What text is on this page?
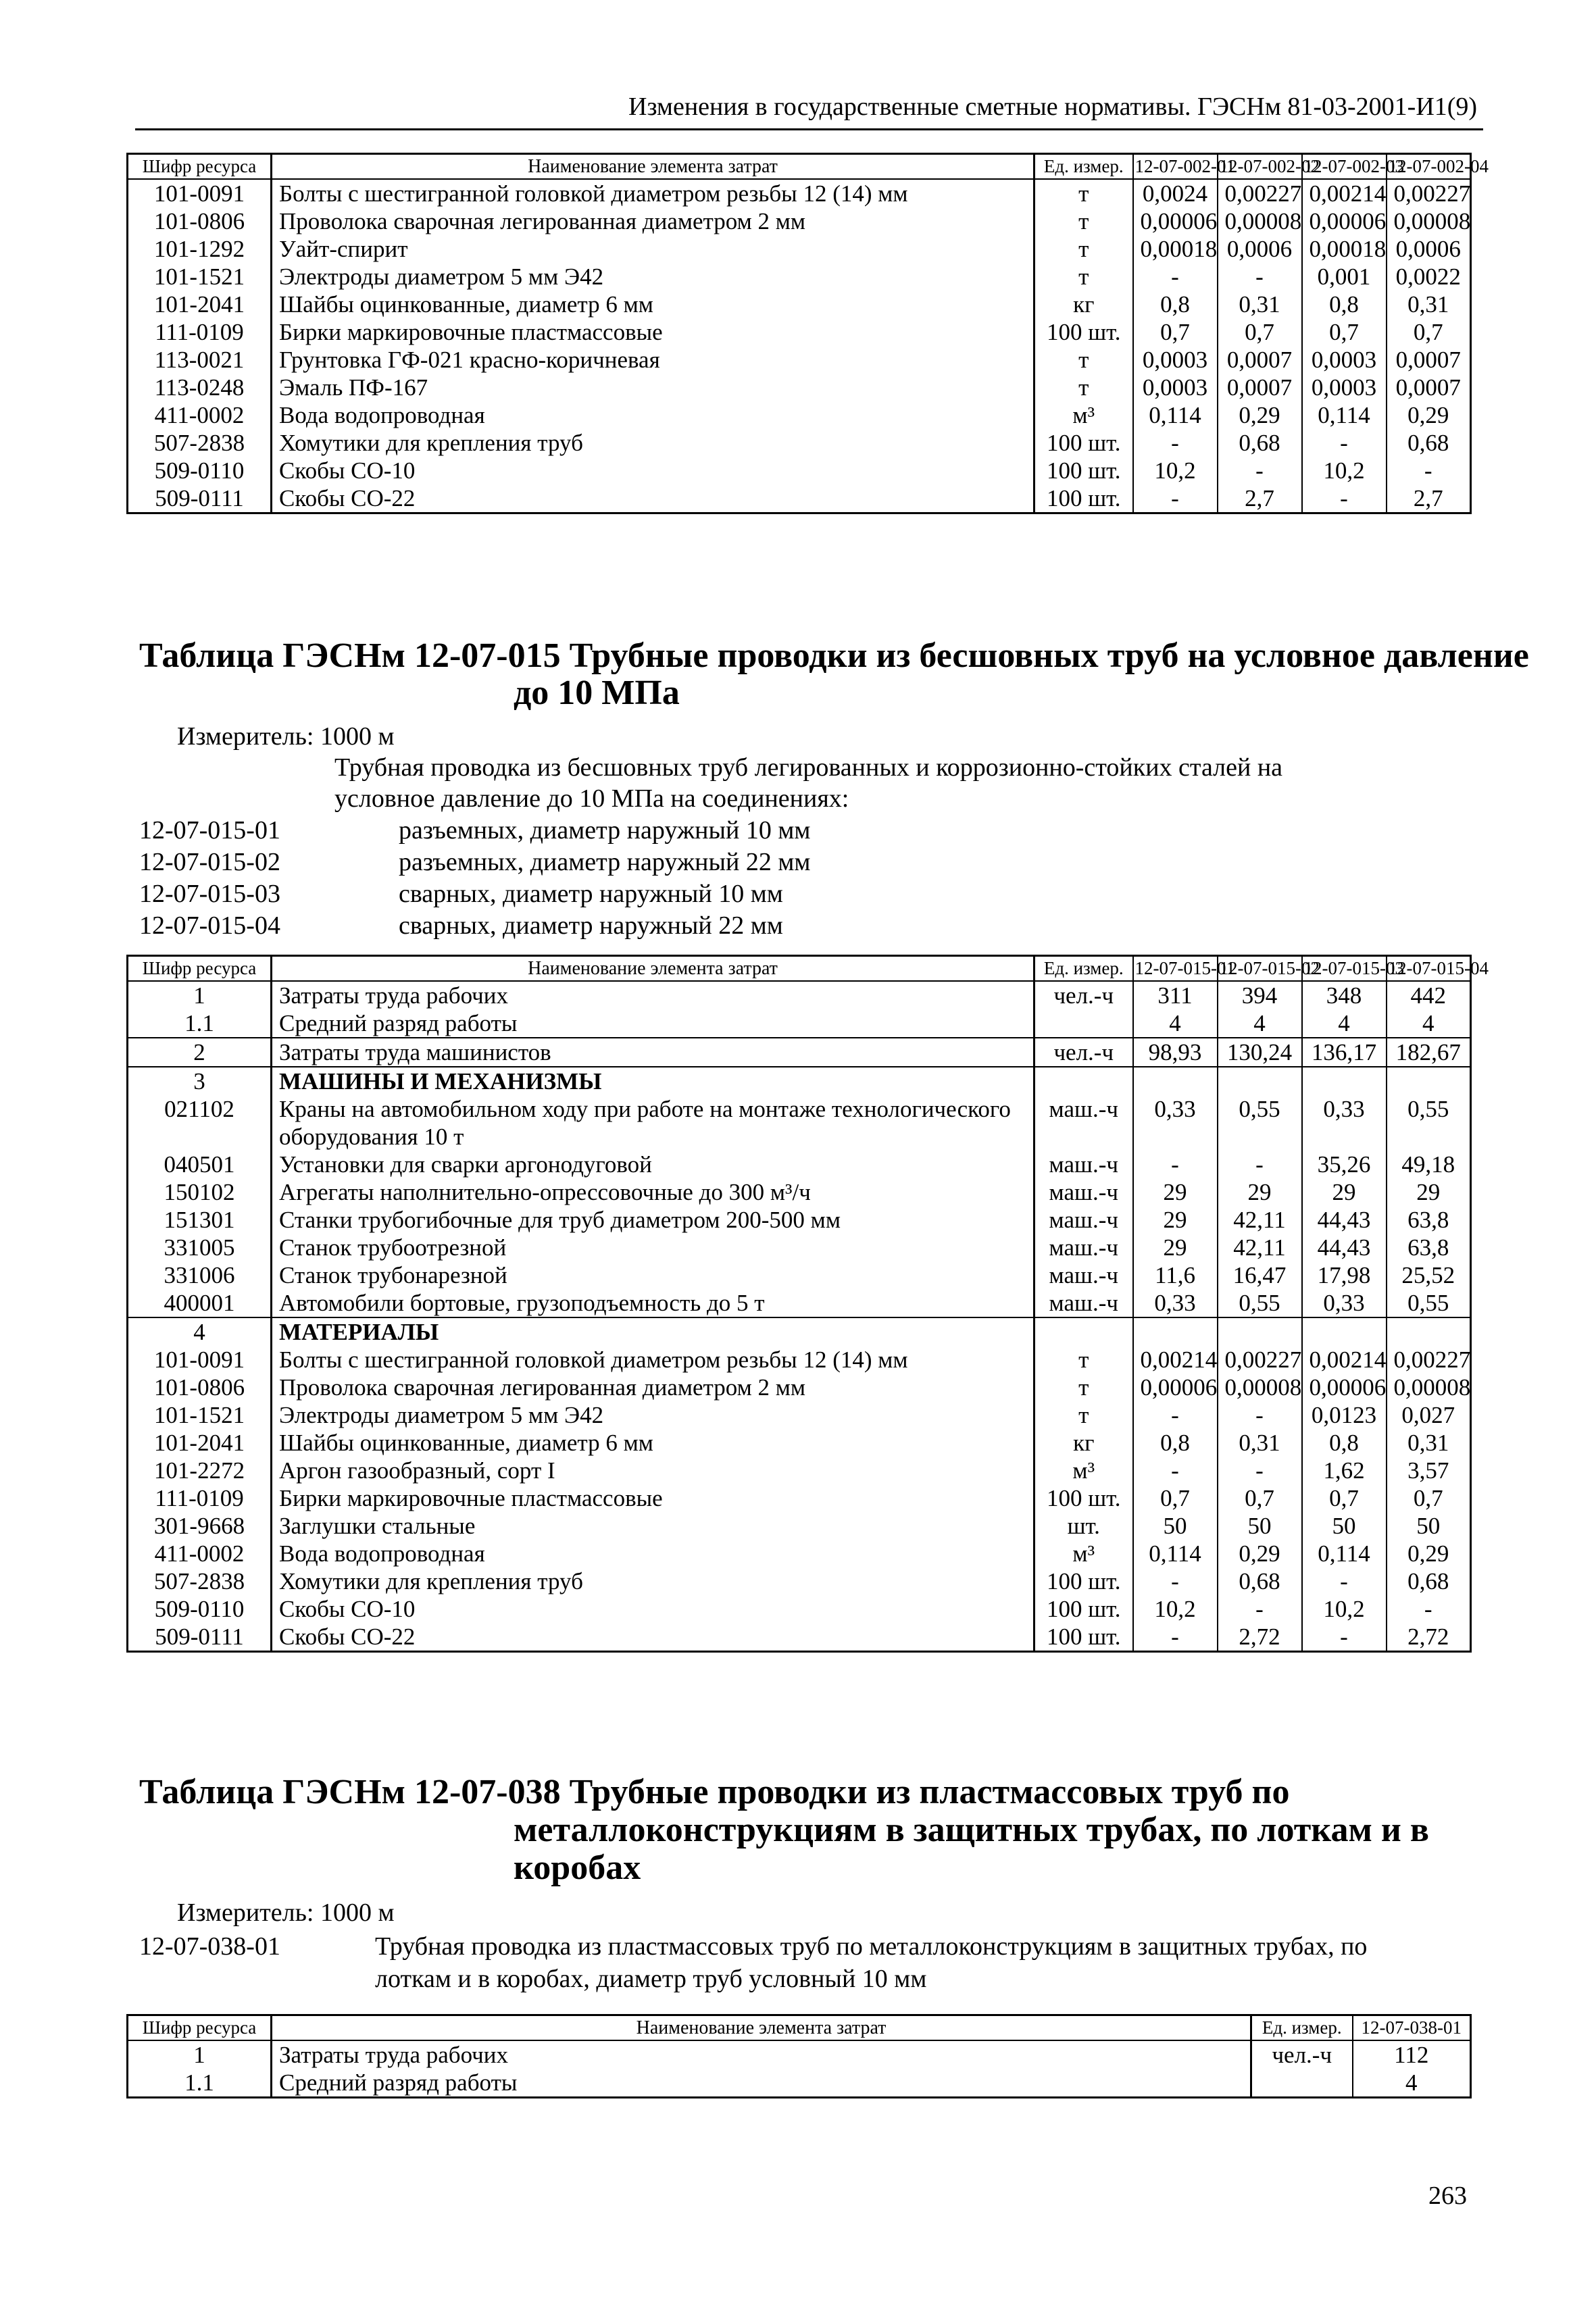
Изменения в государственные сметные нормативы. ГЭСНм 81-03-2001-И1(9)
Шифр ресурса	Наименование элемента затрат	Ед. измер.	12-07-002-01	12-07-002-02	12-07-002-03	12-07-002-04
101-0091	Болты с шестигранной головкой диаметром резьбы 12 (14) мм	т	0,0024	0,00227	0,00214	0,00227
101-0806	Проволока сварочная легированная диаметром 2 мм	т	0,00006	0,00008	0,00006	0,00008
101-1292	Уайт-спирит	т	0,00018	0,0006	0,00018	0,0006
101-1521	Электроды диаметром 5 мм Э42	т	-	-	0,001	0,0022
101-2041	Шайбы оцинкованные, диаметр 6 мм	кг	0,8	0,31	0,8	0,31
111-0109	Бирки маркировочные пластмассовые	100 шт.	0,7	0,7	0,7	0,7
113-0021	Грунтовка ГФ-021 красно-коричневая	т	0,0003	0,0007	0,0003	0,0007
113-0248	Эмаль ПФ-167	т	0,0003	0,0007	0,0003	0,0007
411-0002	Вода водопроводная	м³	0,114	0,29	0,114	0,29
507-2838	Хомутики для крепления труб	100 шт.	-	0,68	-	0,68
509-0110	Скобы СО-10	100 шт.	10,2	-	10,2	-
509-0111	Скобы СО-22	100 шт.	-	2,7	-	2,7
Таблица ГЭСНм 12-07-015 Трубные проводки из бесшовных труб на условное давление
до 10 МПа
Измеритель: 1000 м
Трубная проводка из бесшовных труб легированных и коррозионно-стойких сталей на
условное давление до 10 МПа на соединениях:
12-07-015-01	разъемных, диаметр наружный 10 мм
12-07-015-02	разъемных, диаметр наружный 22 мм
12-07-015-03	сварных, диаметр наружный 10 мм
12-07-015-04	сварных, диаметр наружный 22 мм
Шифр ресурса	Наименование элемента затрат	Ед. измер.	12-07-015-01	12-07-015-02	12-07-015-03	12-07-015-04
1	Затраты труда рабочих	чел.-ч	311	394	348	442
1.1	Средний разряд работы		4	4	4	4
2	Затраты труда машинистов	чел.-ч	98,93	130,24	136,17	182,67
3	МАШИНЫ И МЕХАНИЗМЫ					
021102	Краны на автомобильном ходу при работе на монтаже технологического оборудования 10 т	маш.-ч	0,33	0,55	0,33	0,55
040501	Установки для сварки аргонодуговой	маш.-ч	-	-	35,26	49,18
150102	Агрегаты наполнительно-опрессовочные до 300 м³/ч	маш.-ч	29	29	29	29
151301	Станки трубогибочные для труб диаметром 200-500 мм	маш.-ч	29	42,11	44,43	63,8
331005	Станок трубоотрезной	маш.-ч	29	42,11	44,43	63,8
331006	Станок трубонарезной	маш.-ч	11,6	16,47	17,98	25,52
400001	Автомобили бортовые, грузоподъемность до 5 т	маш.-ч	0,33	0,55	0,33	0,55
4	МАТЕРИАЛЫ					
101-0091	Болты с шестигранной головкой диаметром резьбы 12 (14) мм	т	0,00214	0,00227	0,00214	0,00227
101-0806	Проволока сварочная легированная диаметром 2 мм	т	0,00006	0,00008	0,00006	0,00008
101-1521	Электроды диаметром 5 мм Э42	т	-	-	0,0123	0,027
101-2041	Шайбы оцинкованные, диаметр 6 мм	кг	0,8	0,31	0,8	0,31
101-2272	Аргон газообразный, сорт I	м³	-	-	1,62	3,57
111-0109	Бирки маркировочные пластмассовые	100 шт.	0,7	0,7	0,7	0,7
301-9668	Заглушки стальные	шт.	50	50	50	50
411-0002	Вода водопроводная	м³	0,114	0,29	0,114	0,29
507-2838	Хомутики для крепления труб	100 шт.	-	0,68	-	0,68
509-0110	Скобы СО-10	100 шт.	10,2	-	10,2	-
509-0111	Скобы СО-22	100 шт.	-	2,72	-	2,72
Таблица ГЭСНм 12-07-038 Трубные проводки из пластмассовых труб по
металлоконструкциям в защитных трубах, по лоткам и в
коробах
Измеритель: 1000 м
12-07-038-01	Трубная проводка из пластмассовых труб по металлоконструкциям в защитных трубах, по
лоткам и в коробах, диаметр труб условный 10 мм
Шифр ресурса	Наименование элемента затрат	Ед. измер.	12-07-038-01
1	Затраты труда рабочих	чел.-ч	112
1.1	Средний разряд работы		4
263
